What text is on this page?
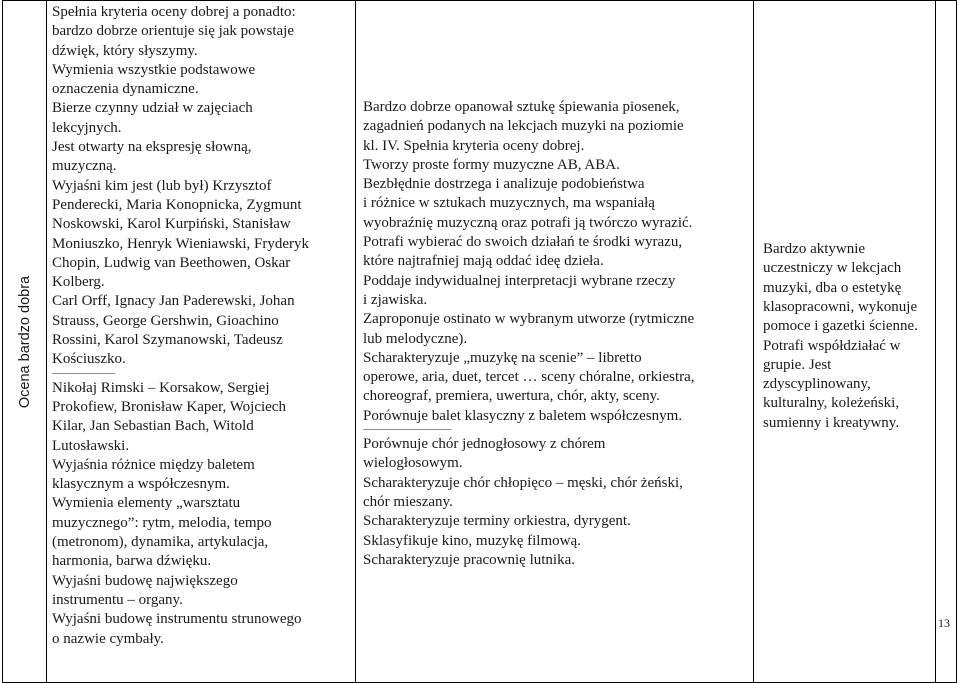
Ocena bardzo dobra

Spełnia kryteria oceny dobrej a ponadto:
bardzo dobrze orientuje się jak powstaje
dźwięk, który słyszymy.
Wymienia wszystkie podstawowe
oznaczenia dynamiczne.
Bierze czynny udział w zajęciach
lekcyjnych.
Jest otwarty na ekspresję słowną,
muzyczną.
Wyjaśni kim jest (lub był) Krzysztof
Penderecki, Maria Konopnicka, Zygmunt
Noskowski, Karol Kurpiński, Stanisław
Moniuszko, Henryk Wieniawski, Fryderyk
Chopin, Ludwig van Beethowen, Oskar
Kolberg.
Carl Orff, Ignacy Jan Paderewski, Johan
Strauss, George Gershwin, Gioachino
Rossini, Karol Szymanowski, Tadeusz
Kościuszko.
------------------------------------------
Nikołaj Rimski – Korsakow, Sergiej
Prokofiew, Bronisław Kaper, Wojciech
Kilar, Jan Sebastian Bach, Witold
Lutosławski.
Wyjaśnia różnice między baletem
klasycznym a współczesnym.
Wymienia elementy „warsztatu
muzycznego”: rytm, melodia, tempo
(metronom), dynamika, artykulacja,
harmonia, barwa dźwięku.
Wyjaśni budowę największego
instrumentu – organy.
Wyjaśni budowę instrumentu strunowego
o nazwie cymbały.

Bardzo dobrze opanował sztukę śpiewania piosenek,
zagadnień podanych na lekcjach muzyki na poziomie
kl. IV. Spełnia kryteria oceny dobrej.
Tworzy proste formy muzyczne AB, ABA.
Bezbłędnie dostrzega i analizuje podobieństwa
i różnice w sztukach muzycznych, ma wspaniałą
wyobraźnię muzyczną oraz potrafi ją twórczo wyrazić.
Potrafi wybierać do swoich działań te środki wyrazu,
które najtrafniej mają oddać ideę dzieła.
Poddaje indywidualnej interpretacji wybrane rzeczy
i zjawiska.
Zaproponuje ostinato w wybranym utworze (rytmiczne
lub melodyczne).
Scharakteryzuje „muzykę na scenie” – libretto
operowe, aria, duet, tercet … sceny chóralne, orkiestra,
choreograf, premiera, uwertura, chór, akty, sceny.
Porównuje balet klasyczny z baletem współczesnym.
-----------------------------------------------------------
Porównuje chór jednogłosowy z chórem
wielogłosowym.
Scharakteryzuje chór chłopięco – męski, chór żeński,
chór mieszany.
Scharakteryzuje terminy orkiestra, dyrygent.
Sklasyfikuje kino, muzykę filmową.
Scharakteryzuje pracownię lutnika.

Bardzo aktywnie
uczestniczy w lekcjach
muzyki, dba o estetykę
klasopracowni, wykonuje
pomoce i gazetki ścienne.
Potrafi współdziałać w
grupie. Jest
zdyscyplinowany,
kulturalny, koleżeński,
sumienny i kreatywny.

13
